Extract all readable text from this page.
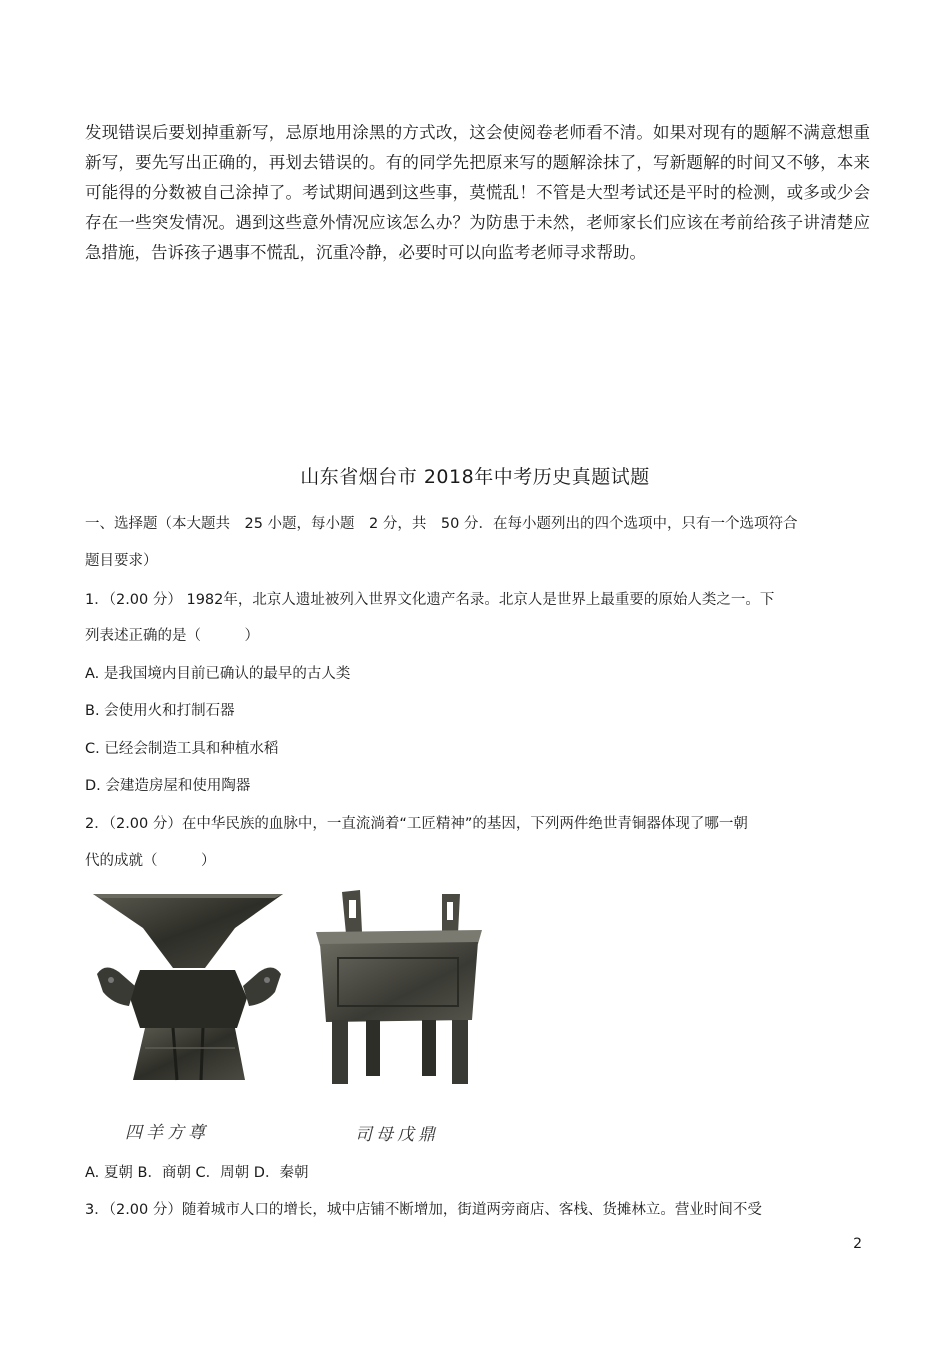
发现错误后要划掉重新写，忌原地用涂黑的方式改，这会使阅卷老师看不清。如果对现有的题解不满意想重新写，要先写出正确的，再划去错误的。有的同学先把原来写的题解涂抹了，写新题解的时间又不够，本来可能得的分数被自己涂掉了。考试期间遇到这些事，莫慌乱！不管是大型考试还是平时的检测，或多或少会存在一些突发情况。遇到这些意外情况应该怎么办？为防患于未然，老师家长们应该在考前给孩子讲清楚应急措施，告诉孩子遇事不慌乱，沉重冷静，必要时可以向监考老师寻求帮助。

山东省烟台市 2018年中考历史真题试题
一、选择题（本大题共　25 小题，每小题　2 分，共　50 分．在每小题列出的四个选项中，只有一个选项符合
题目要求）
1．（2.00 分） 1982年，北京人遗址被列入世界文化遗产名录。北京人是世界上最重要的原始人类之一。下
列表述正确的是（　　　）
A. 是我国境内目前已确认的最早的古人类
B. 会使用火和打制石器
C. 已经会制造工具和种植水稻
D. 会建造房屋和使用陶器
2．（2.00 分）在中华民族的血脉中，一直流淌着“工匠精神”的基因，下列两件绝世青铜器体现了哪一朝
代的成就（　　　）
四羊方尊	司母戊鼎
A. 夏朝 B．商朝 C．周朝 D．秦朝
3．（2.00 分）随着城市人口的增长，城中店铺不断增加，街道两旁商店、客栈、货摊林立。营业时间不受
2
